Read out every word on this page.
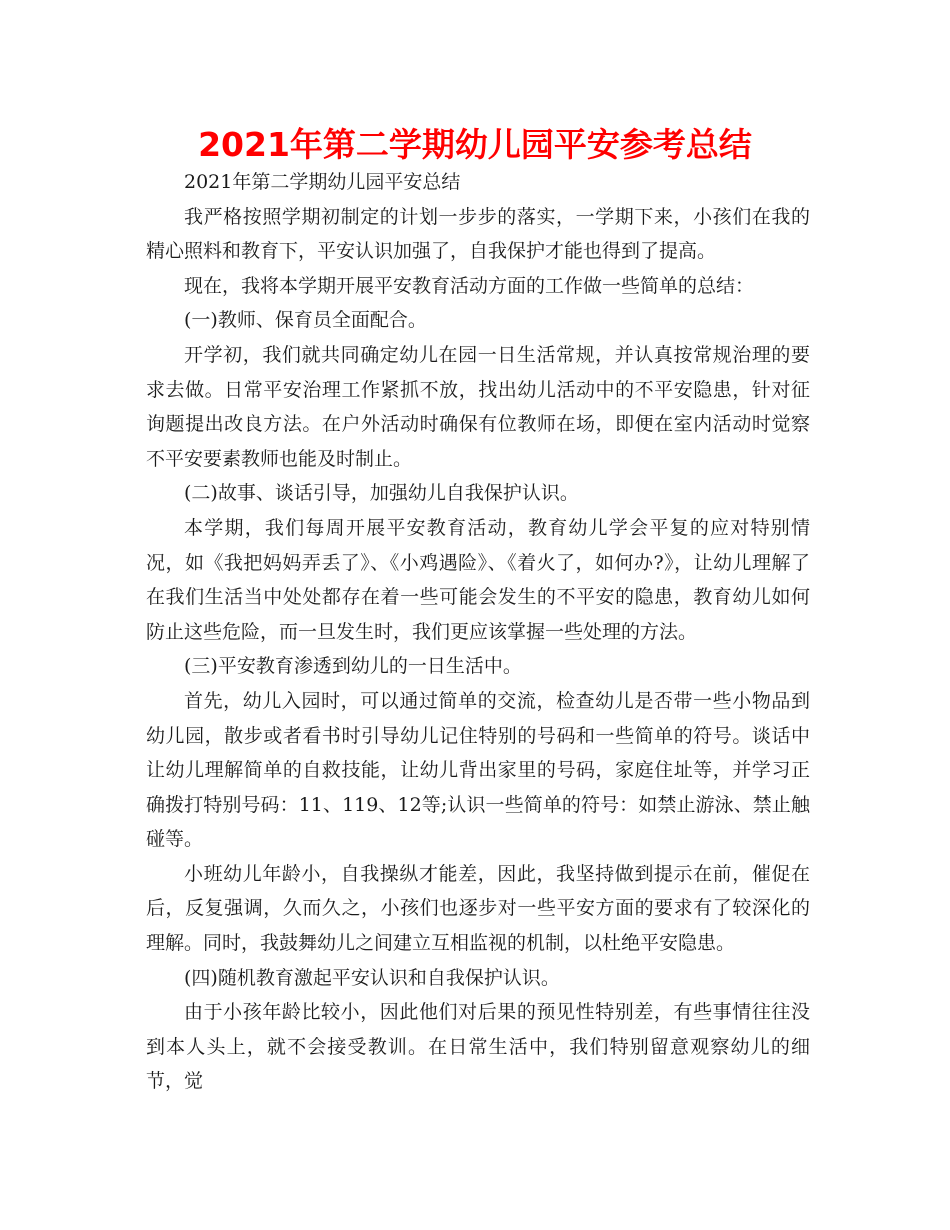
2021年第二学期幼儿园平安参考总结

2021年第二学期幼儿园平安总结

我严格按照学期初制定的计划一步步的落实，一学期下来，小孩们在我的精心照料和教育下，平安认识加强了，自我保护才能也得到了提高。

现在，我将本学期开展平安教育活动方面的工作做一些简单的总结：

(一)教师、保育员全面配合。

开学初，我们就共同确定幼儿在园一日生活常规，并认真按常规治理的要求去做。日常平安治理工作紧抓不放，找出幼儿活动中的不平安隐患，针对征询题提出改良方法。在户外活动时确保有位教师在场，即便在室内活动时觉察不平安要素教师也能及时制止。

(二)故事、谈话引导，加强幼儿自我保护认识。

本学期，我们每周开展平安教育活动，教育幼儿学会平复的应对特别情况，如《我把妈妈弄丢了》、《小鸡遇险》、《着火了，如何办?》，让幼儿理解了在我们生活当中处处都存在着一些可能会发生的不平安的隐患，教育幼儿如何防止这些危险，而一旦发生时，我们更应该掌握一些处理的方法。

(三)平安教育渗透到幼儿的一日生活中。

首先，幼儿入园时，可以通过简单的交流，检查幼儿是否带一些小物品到幼儿园，散步或者看书时引导幼儿记住特别的号码和一些简单的符号。谈话中让幼儿理解简单的自救技能，让幼儿背出家里的号码，家庭住址等，并学习正确拨打特别号码：11、119、12等;认识一些简单的符号：如禁止游泳、禁止触碰等。

小班幼儿年龄小，自我操纵才能差，因此，我坚持做到提示在前，催促在后，反复强调，久而久之，小孩们也逐步对一些平安方面的要求有了较深化的理解。同时，我鼓舞幼儿之间建立互相监视的机制，以杜绝平安隐患。

(四)随机教育激起平安认识和自我保护认识。

由于小孩年龄比较小，因此他们对后果的预见性特别差，有些事情往往没到本人头上，就不会接受教训。在日常生活中，我们特别留意观察幼儿的细节，觉
